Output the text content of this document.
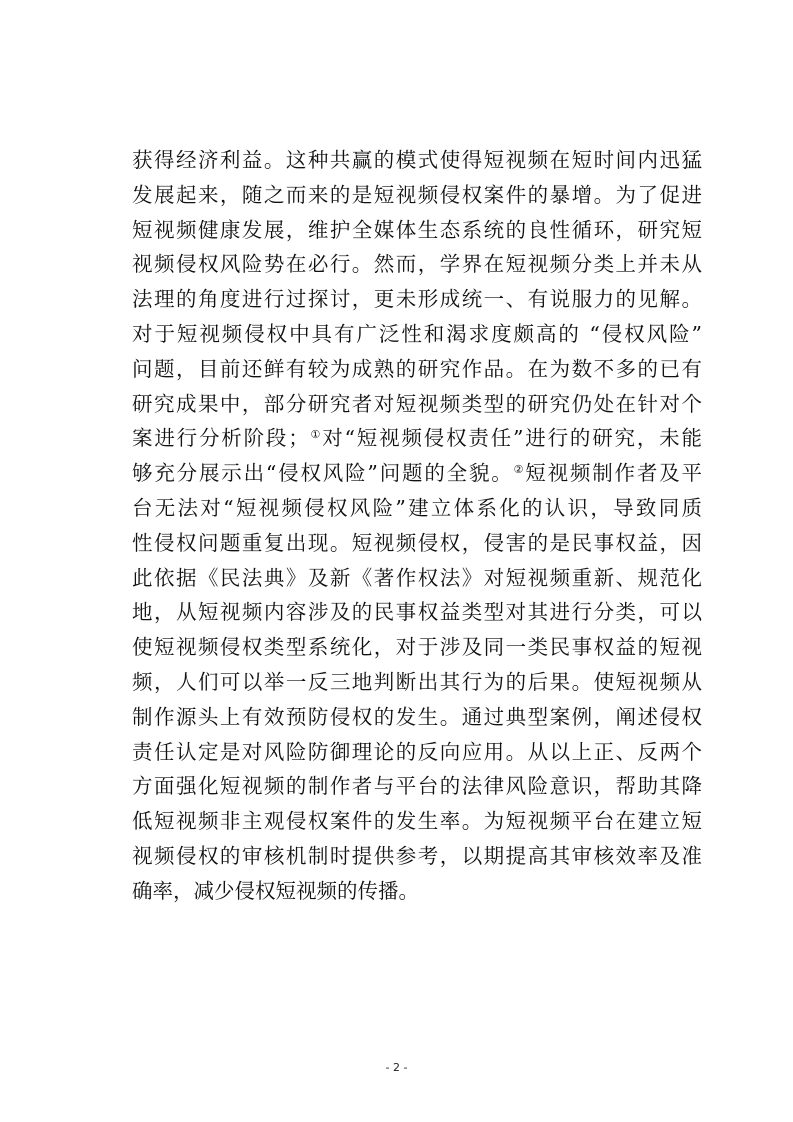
获得经济利益。这种共赢的模式使得短视频在短时间内迅猛
发展起来，随之而来的是短视频侵权案件的暴增。为了促进
短视频健康发展，维护全媒体生态系统的良性循环，研究短
视频侵权风险势在必行。然而，学界在短视频分类上并未从
法理的角度进行过探讨，更未形成统一、有说服力的见解。
对于短视频侵权中具有广泛性和渴求度颇高的 “侵权风险”
问题，目前还鲜有较为成熟的研究作品。在为数不多的已有
研究成果中，部分研究者对短视频类型的研究仍处在针对个
案进行分析阶段；①对“短视频侵权责任”进行的研究，未能
够充分展示出“侵权风险”问题的全貌。②短视频制作者及平
台无法对“短视频侵权风险”建立体系化的认识，导致同质
性侵权问题重复出现。短视频侵权，侵害的是民事权益，因
此依据《民法典》及新《著作权法》对短视频重新、规范化
地，从短视频内容涉及的民事权益类型对其进行分类，可以
使短视频侵权类型系统化，对于涉及同一类民事权益的短视
频，人们可以举一反三地判断出其行为的后果。使短视频从
制作源头上有效预防侵权的发生。通过典型案例，阐述侵权
责任认定是对风险防御理论的反向应用。从以上正、反两个
方面强化短视频的制作者与平台的法律风险意识，帮助其降
低短视频非主观侵权案件的发生率。为短视频平台在建立短
视频侵权的审核机制时提供参考，以期提高其审核效率及准
确率，减少侵权短视频的传播。
- 2 -
